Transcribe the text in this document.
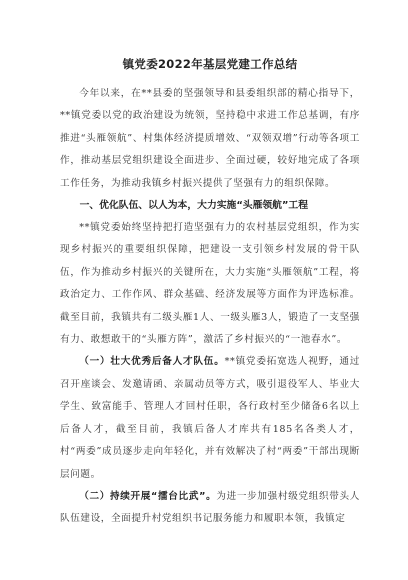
镇党委2022年基层党建工作总结

今年以来，在**县委的坚强领导和县委组织部的精心指导下，**镇党委以党的政治建设为统领，坚持稳中求进工作总基调，有序推进“头雁领航”、村集体经济提质增效、“双领双增”行动等各项工作，推动基层党组织建设全面进步、全面过硬，较好地完成了各项工作任务，为推动我镇乡村振兴提供了坚强有力的组织保障。

一、优化队伍、以人为本，大力实施“头雁领航”工程

**镇党委始终坚持把打造坚强有力的农村基层党组织，作为实现乡村振兴的重要组织保障，把建设一支引领乡村发展的骨干队伍，作为推动乡村振兴的关键所在，大力实施“头雁领航”工程，将政治定力、工作作风、群众基础、经济发展等方面作为评选标准。截至目前，我镇共有二级头雁1人、一级头雁3人，锻造了一支坚强有力、敢想敢干的“头雁方阵”，激活了乡村振兴的“一池春水”。

（一）壮大优秀后备人才队伍。**镇党委拓宽选人视野，通过召开座谈会、发邀请函、亲属动员等方式，吸引退役军人、毕业大学生、致富能手、管理人才回村任职，各行政村至少储备6名以上后备人才，截至目前，我镇后备人才库共有185名各类人才，村“两委”成员逐步走向年轻化，并有效解决了村“两委”干部出现断层问题。

（二）持续开展“擂台比武”。为进一步加强村级党组织带头人队伍建设，全面提升村党组织书记服务能力和履职本领，我镇定
